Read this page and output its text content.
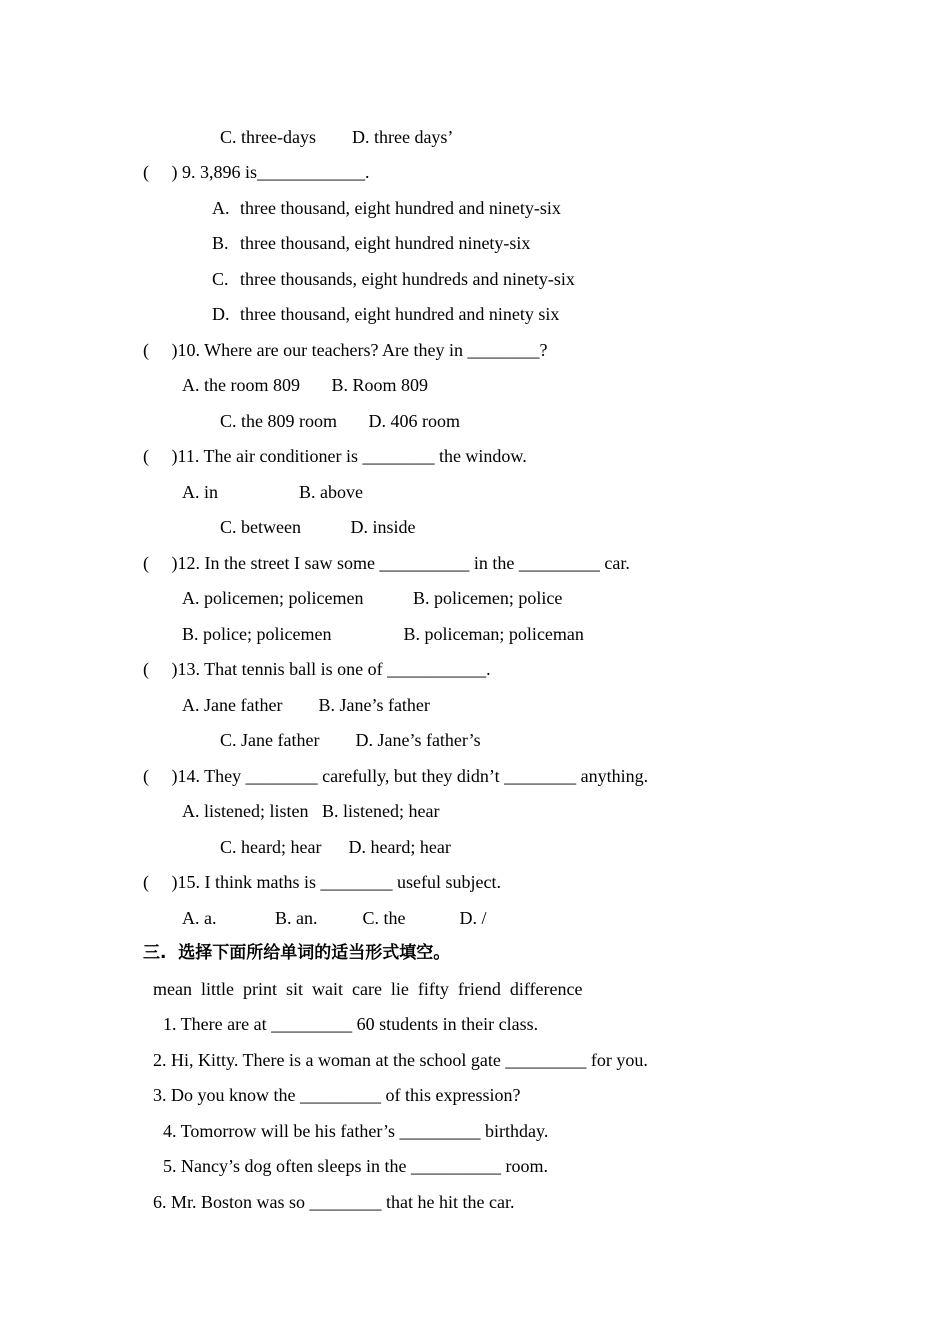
C. three-days        D. three days’
(     ) 9. 3,896 is____________.
A. three thousand, eight hundred and ninety-six
B. three thousand, eight hundred ninety-six
C. three thousands, eight hundreds and ninety-six
D. three thousand, eight hundred and ninety six
(     )10. Where are our teachers? Are they in ________?
A. the room 809       B. Room 809
C. the 809 room       D. 406 room
(     )11. The air conditioner is ________ the window.
A. in                  B. above
C. between           D. inside
(     )12. In the street I saw some __________ in the _________ car.
A. policemen; policemen           B. policemen; police
B. police; policemen                B. policeman; policeman
(     )13. That tennis ball is one of ___________.
A. Jane father        B. Jane’s father
C. Jane father        D. Jane’s father’s
(     )14. They ________ carefully, but they didn’t ________ anything.
A. listened; listen   B. listened; hear
C. heard; hear      D. heard; hear
(     )15. I think maths is ________ useful subject.
A. a.             B. an.          C. the            D. /
三.  选择下面所给单词的适当形式填空。
mean  little  print  sit  wait  care  lie  fifty  friend  difference
1. There are at _________ 60 students in their class.
2. Hi, Kitty. There is a woman at the school gate _________ for you.
3. Do you know the _________ of this expression?
4. Tomorrow will be his father’s _________ birthday.
5. Nancy’s dog often sleeps in the __________ room.
6. Mr. Boston was so ________ that he hit the car.
